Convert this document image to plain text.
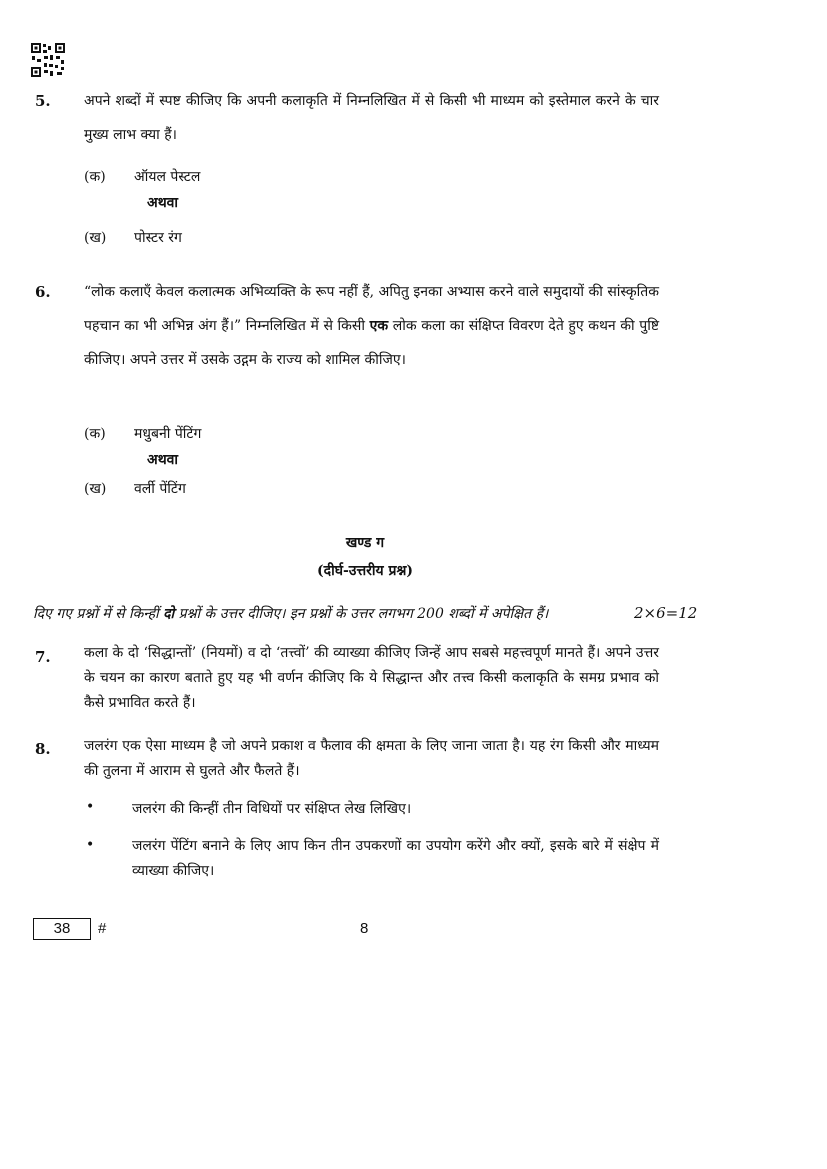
5. अपने शब्दों में स्पष्ट कीजिए कि अपनी कलाकृति में निम्नलिखित में से किसी भी माध्यम को इस्तेमाल करने के चार मुख्य लाभ क्या हैं।
(क) ऑयल पेस्टल
अथवा
(ख) पोस्टर रंग
6. “लोक कलाएँ केवल कलात्मक अभिव्यक्ति के रूप नहीं हैं, अपितु इनका अभ्यास करने वाले समुदायों की सांस्कृतिक पहचान का भी अभिन्न अंग हैं।” निम्नलिखित में से किसी एक लोक कला का संक्षिप्त विवरण देते हुए कथन की पुष्टि कीजिए। अपने उत्तर में उसके उद्गम के राज्य को शामिल कीजिए।
(क) मधुबनी पेंटिंग
अथवा
(ख) वर्ली पेंटिंग
खण्ड ग
(दीर्घ-उत्तरीय प्रश्न)
दिए गए प्रश्नों में से किन्हीं दो प्रश्नों के उत्तर दीजिए। इन प्रश्नों के उत्तर लगभग 200 शब्दों में अपेक्षित हैं।	2×6=12
7. कला के दो ‘सिद्धान्तों’ (नियमों) व दो ‘तत्त्वों’ की व्याख्या कीजिए जिन्हें आप सबसे महत्त्वपूर्ण मानते हैं। अपने उत्तर के चयन का कारण बताते हुए यह भी वर्णन कीजिए कि ये सिद्धान्त और तत्त्व किसी कलाकृति के समग्र प्रभाव को कैसे प्रभावित करते हैं।
8. जलरंग एक ऐसा माध्यम है जो अपने प्रकाश व फैलाव की क्षमता के लिए जाना जाता है। यह रंग किसी और माध्यम की तुलना में आराम से घुलते और फैलते हैं।
•	जलरंग की किन्हीं तीन विधियों पर संक्षिप्त लेख लिखिए।
•	जलरंग पेंटिंग बनाने के लिए आप किन तीन उपकरणों का उपयोग करेंगे और क्यों, इसके बारे में संक्षेप में व्याख्या कीजिए।
38	#	8
